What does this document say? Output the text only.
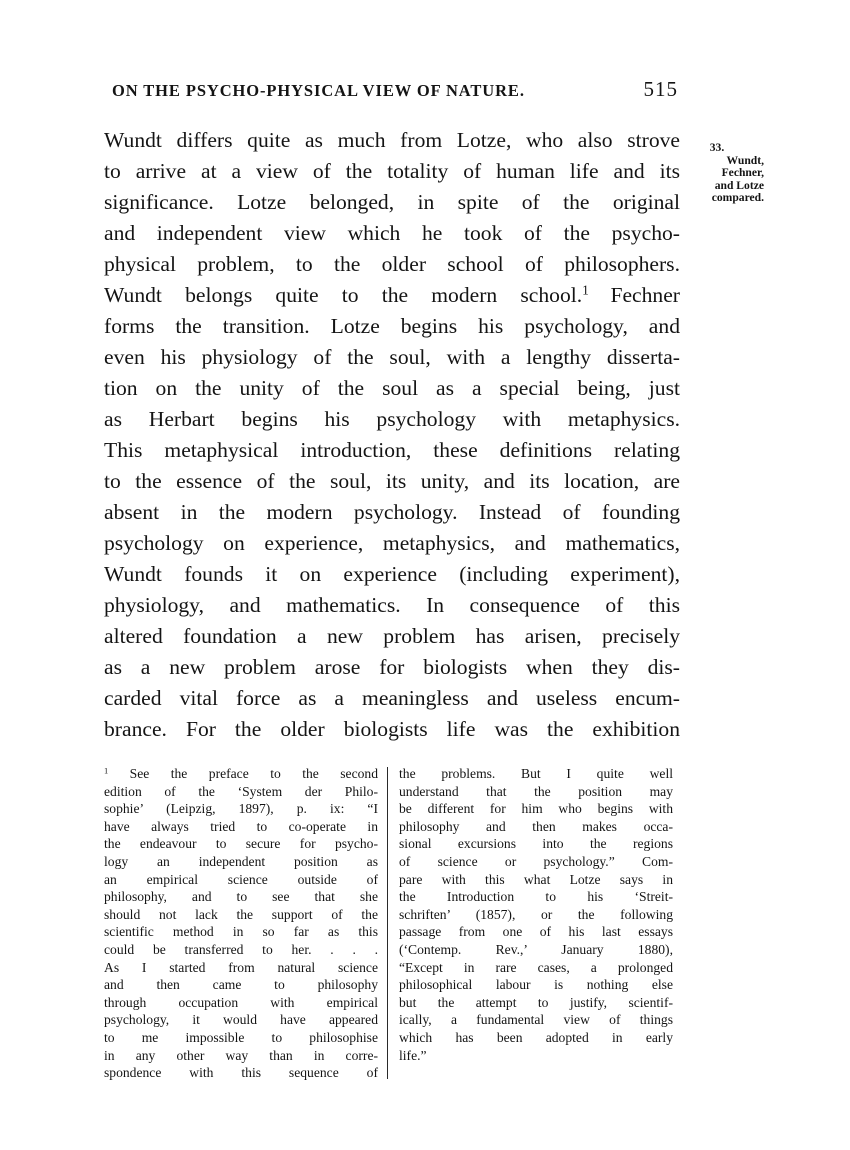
ON THE PSYCHO-PHYSICAL VIEW OF NATURE.	515
33.
Wundt,
Fechner,
and Lotze
compared.
Wundt differs quite as much from Lotze, who also strove
to arrive at a view of the totality of human life and its
significance. Lotze belonged, in spite of the original
and independent view which he took of the psycho-
physical problem, to the older school of philosophers.
Wundt belongs quite to the modern school.$^1$  Fechner
forms the transition. Lotze begins his psychology, and
even his physiology of the soul, with a lengthy disserta-
tion on the unity of the soul as a special being, just
as Herbart begins his psychology with metaphysics.
This metaphysical introduction, these definitions relating
to the essence of the soul, its unity, and its location, are
absent in the modern psychology. Instead of founding
psychology on experience, metaphysics, and mathematics,
Wundt founds it on experience (including experiment),
physiology, and mathematics. In consequence of this
altered foundation a new problem has arisen, precisely
as a new problem arose for biologists when they dis-
carded vital force as a meaningless and useless encum-
brance. For the older biologists life was the exhibition
$^1$ See the preface to the second
edition of the ‘System der Philo-
sophie’ (Leipzig, 1897), p. ix: “I
have always tried to co-operate in
the endeavour to secure for psycho-
logy an independent position as
an empirical science outside of
philosophy, and to see that she
should not lack the support of the
scientific method in so far as this
could be transferred to her. . . .
As I started from natural science
and then came to philosophy
through occupation with empirical
psychology, it would have appeared
to me impossible to philosophise
in any other way than in corre-
spondence with this sequence of
the problems. But I quite well
understand that the position may
be different for him who begins with
philosophy and then makes occa-
sional excursions into the regions
of science or psychology.” Com-
pare with this what Lotze says in
the Introduction to his ‘Streit-
schriften’ (1857), or the following
passage from one of his last essays
(‘Contemp. Rev.,’ January 1880),
“Except in rare cases, a prolonged
philosophical labour is nothing else
but the attempt to justify, scientif-
ically, a fundamental view of things
which has been adopted in early
life.”
